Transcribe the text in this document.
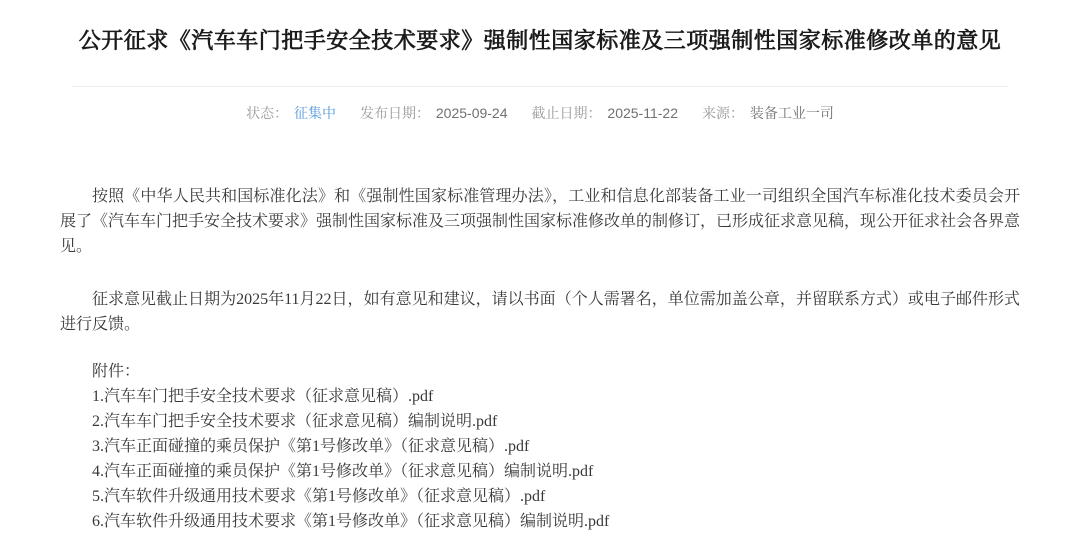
公开征求《汽车车门把手安全技术要求》强制性国家标准及三项强制性国家标准修改单的意见
状态： 征集中 发布日期： 2025-09-24 截止日期： 2025-11-22 来源： 装备工业一司

按照《中华人民共和国标准化法》和《强制性国家标准管理办法》，工业和信息化部装备工业一司组织全国汽车标准化技术委员会开展了《汽车车门把手安全技术要求》强制性国家标准及三项强制性国家标准修改单的制修订，已形成征求意见稿，现公开征求社会各界意见。

征求意见截止日期为2025年11月22日，如有意见和建议，请以书面（个人需署名，单位需加盖公章，并留联系方式）或电子邮件形式进行反馈。

附件：
1.汽车车门把手安全技术要求（征求意见稿）.pdf
2.汽车车门把手安全技术要求（征求意见稿）编制说明.pdf
3.汽车正面碰撞的乘员保护《第1号修改单》（征求意见稿）.pdf
4.汽车正面碰撞的乘员保护《第1号修改单》（征求意见稿）编制说明.pdf
5.汽车软件升级通用技术要求《第1号修改单》（征求意见稿）.pdf
6.汽车软件升级通用技术要求《第1号修改单》（征求意见稿）编制说明.pdf
